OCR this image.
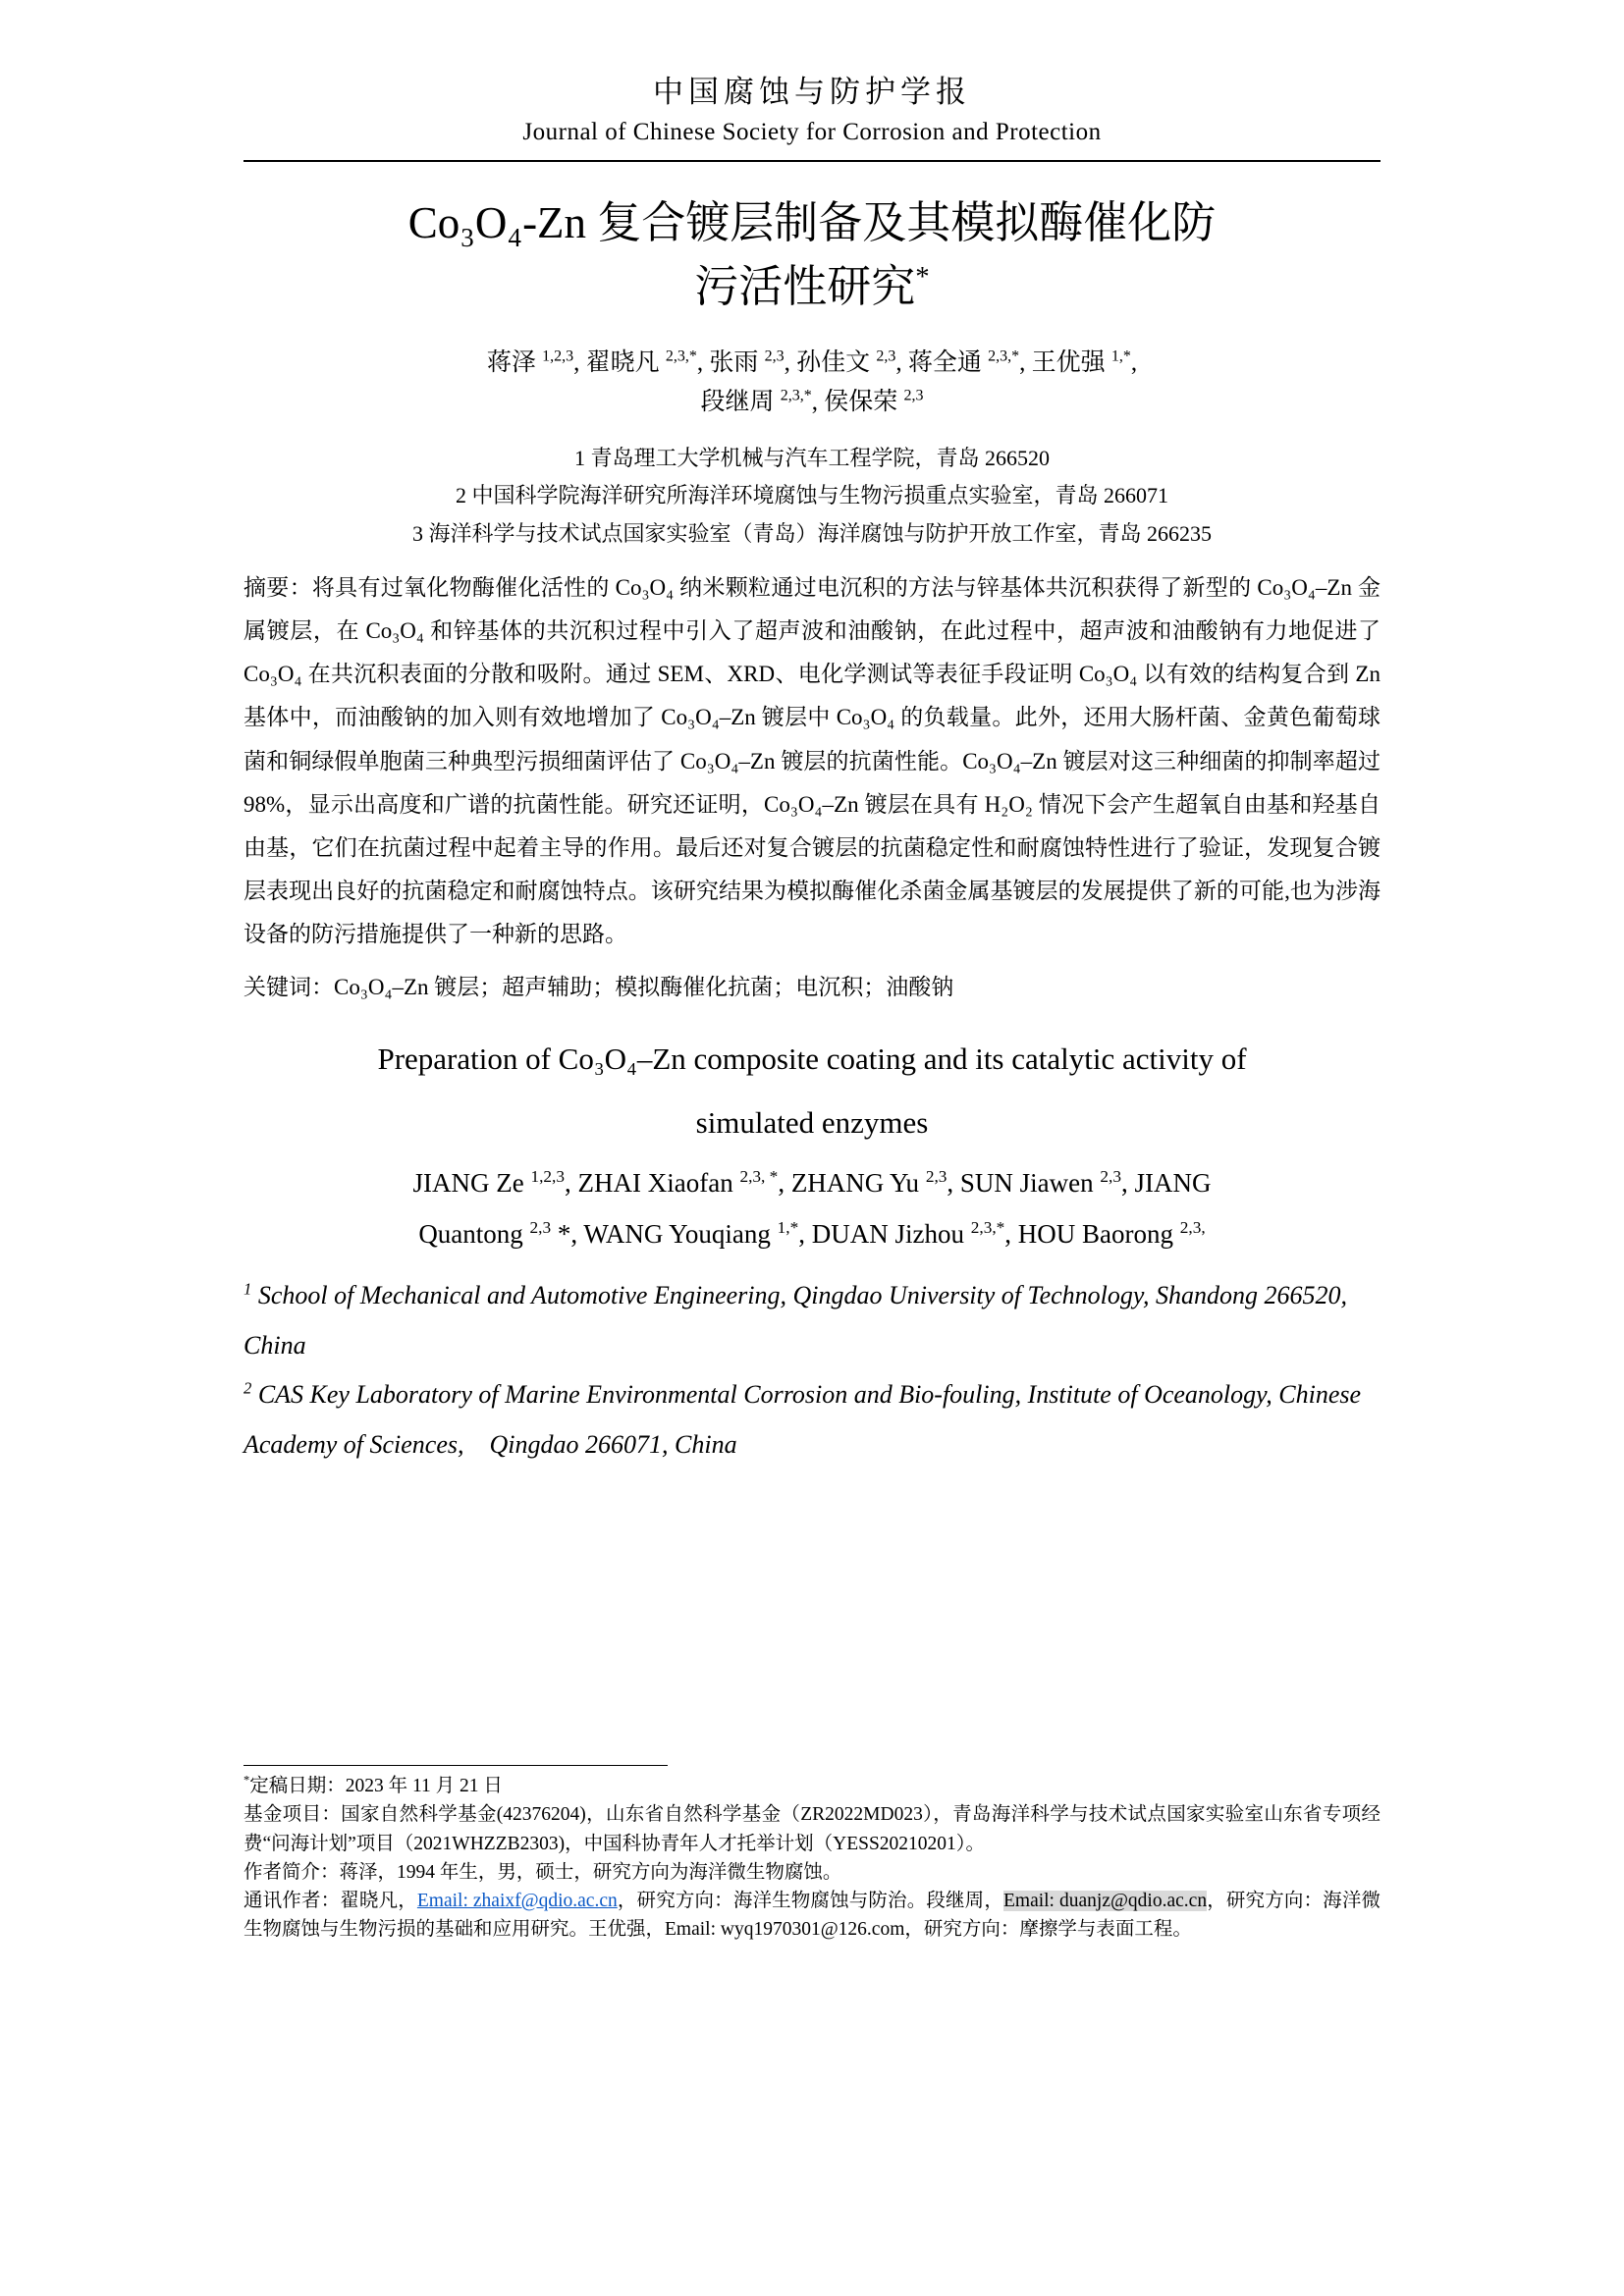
中国腐蚀与防护学报
Journal of Chinese Society for Corrosion and Protection
Co₃O₄-Zn 复合镀层制备及其模拟酶催化防
污活性研究*
蒋泽 $^{1,2,3}$, 翟晓凡 $^{2,3,*}$, 张雨 $^{2,3}$, 孙佳文 $^{2,3}$, 蒋全通 $^{2,3,*}$, 王优强 $^{1,*}$,
段继周 $^{2,3,*}$, 侯保荣 $^{2,3}$
1 青岛理工大学机械与汽车工程学院，青岛 266520
2 中国科学院海洋研究所海洋环境腐蚀与生物污损重点实验室，青岛 266071
3 海洋科学与技术试点国家实验室（青岛）海洋腐蚀与防护开放工作室，青岛 266235

摘要：将具有过氧化物酶催化活性的 Co₃O₄ 纳米颗粒通过电沉积的方法与锌基体共沉积获得了新型的 Co₃O₄–Zn 金属镀层，在 Co₃O₄ 和锌基体的共沉积过程中引入了超声波和油酸钠，在此过程中，超声波和油酸钠有力地促进了 Co₃O₄ 在共沉积表面的分散和吸附。通过 SEM、XRD、电化学测试等表征手段证明 Co₃O₄ 以有效的结构复合到 Zn 基体中，而油酸钠的加入则有效地增加了 Co₃O₄–Zn 镀层中 Co₃O₄ 的负载量。此外，还用大肠杆菌、金黄色葡萄球菌和铜绿假单胞菌三种典型污损细菌评估了 Co₃O₄–Zn 镀层的抗菌性能。Co₃O₄–Zn 镀层对这三种细菌的抑制率超过 98%，显示出高度和广谱的抗菌性能。研究还证明，Co₃O₄–Zn 镀层在具有 H₂O₂ 情况下会产生超氧自由基和羟基自由基，它们在抗菌过程中起着主导的作用。最后还对复合镀层的抗菌稳定性和耐腐蚀特性进行了验证，发现复合镀层表现出良好的抗菌稳定和耐腐蚀特点。该研究结果为模拟酶催化杀菌金属基镀层的发展提供了新的可能,也为涉海设备的防污措施提供了一种新的思路。

关键词：Co₃O₄–Zn 镀层；超声辅助；模拟酶催化抗菌；电沉积；油酸钠

Preparation of Co₃O₄–Zn composite coating and its catalytic activity of
simulated enzymes
JIANG Ze $^{1,2,3}$, ZHAI Xiaofan $^{2,3, *}$, ZHANG Yu $^{2,3}$, SUN Jiawen $^{2,3}$, JIANG
Quantong $^{2,3}$ *, WANG Youqiang $^{1,*}$, DUAN Jizhou $^{2,3,*}$, HOU Baorong $^{2,3,}$

$^1$ School of Mechanical and Automotive Engineering, Qingdao University of Technology, Shandong 266520, China

$^2$ CAS Key Laboratory of Marine Environmental Corrosion and Bio-fouling, Institute of Oceanology, Chinese Academy of Sciences,　Qingdao 266071, China

*定稿日期：2023 年 11 月 21 日

基金项目：国家自然科学基金(42376204)，山东省自然科学基金（ZR2022MD023），青岛海洋科学与技术试点国家实验室山东省专项经费“问海计划”项目（2021WHZZB2303)，中国科协青年人才托举计划（YESS20210201）。

作者简介：蒋泽，1994 年生，男，硕士，研究方向为海洋微生物腐蚀。

通讯作者：翟晓凡，Email: zhaixf@qdio.ac.cn，研究方向：海洋生物腐蚀与防治。段继周，Email: duanjz@qdio.ac.cn，研究方向：海洋微生物腐蚀与生物污损的基础和应用研究。王优强，Email: wyq1970301@126.com，研究方向：摩擦学与表面工程。
